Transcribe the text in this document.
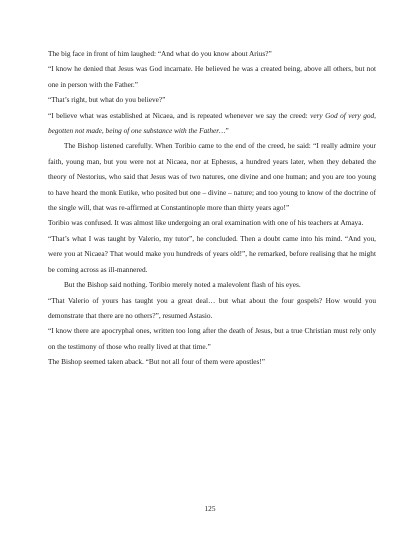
The big face in front of him laughed: “And what do you know about Arius?”

“I know he denied that Jesus was God incarnate. He believed he was a created being, above all others, but not one in person with the Father.”

“That’s right, but what do you believe?”

“I believe what was established at Nicaea, and is repeated whenever we say the creed: very God of very god, begotten not made, being of one substance with the Father…”

The Bishop listened carefully. When Toribio came to the end of the creed, he said: “I really admire your faith, young man, but you were not at Nicaea, nor at Ephesus, a hundred years later, when they debated the theory of Nestorius, who said that Jesus was of two natures, one divine and one human; and you are too young to have heard the monk Eutike, who posited but one – divine – nature; and too young to know of the doctrine of the single will, that was re-affirmed at Constantinople more than thirty years ago!”

Toribio was confused. It was almost like undergoing an oral examination with one of his teachers at Amaya.

“That’s what I was taught by Valerio, my tutor”, he concluded. Then a doubt came into his mind. “And you, were you at Nicaea? That would make you hundreds of years old!”, he remarked, before realising that he might be coming across as ill-mannered.

But the Bishop said nothing. Toribio merely noted a malevolent flash of his eyes.

“That Valerio of yours has taught you a great deal… but what about the four gospels? How would you demonstrate that there are no others?”, resumed Astasio.

“I know there are apocryphal ones, written too long after the death of Jesus, but a true Christian must rely only on the testimony of those who really lived at that time.”

The Bishop seemed taken aback. “But not all four of them were apostles!”

125
